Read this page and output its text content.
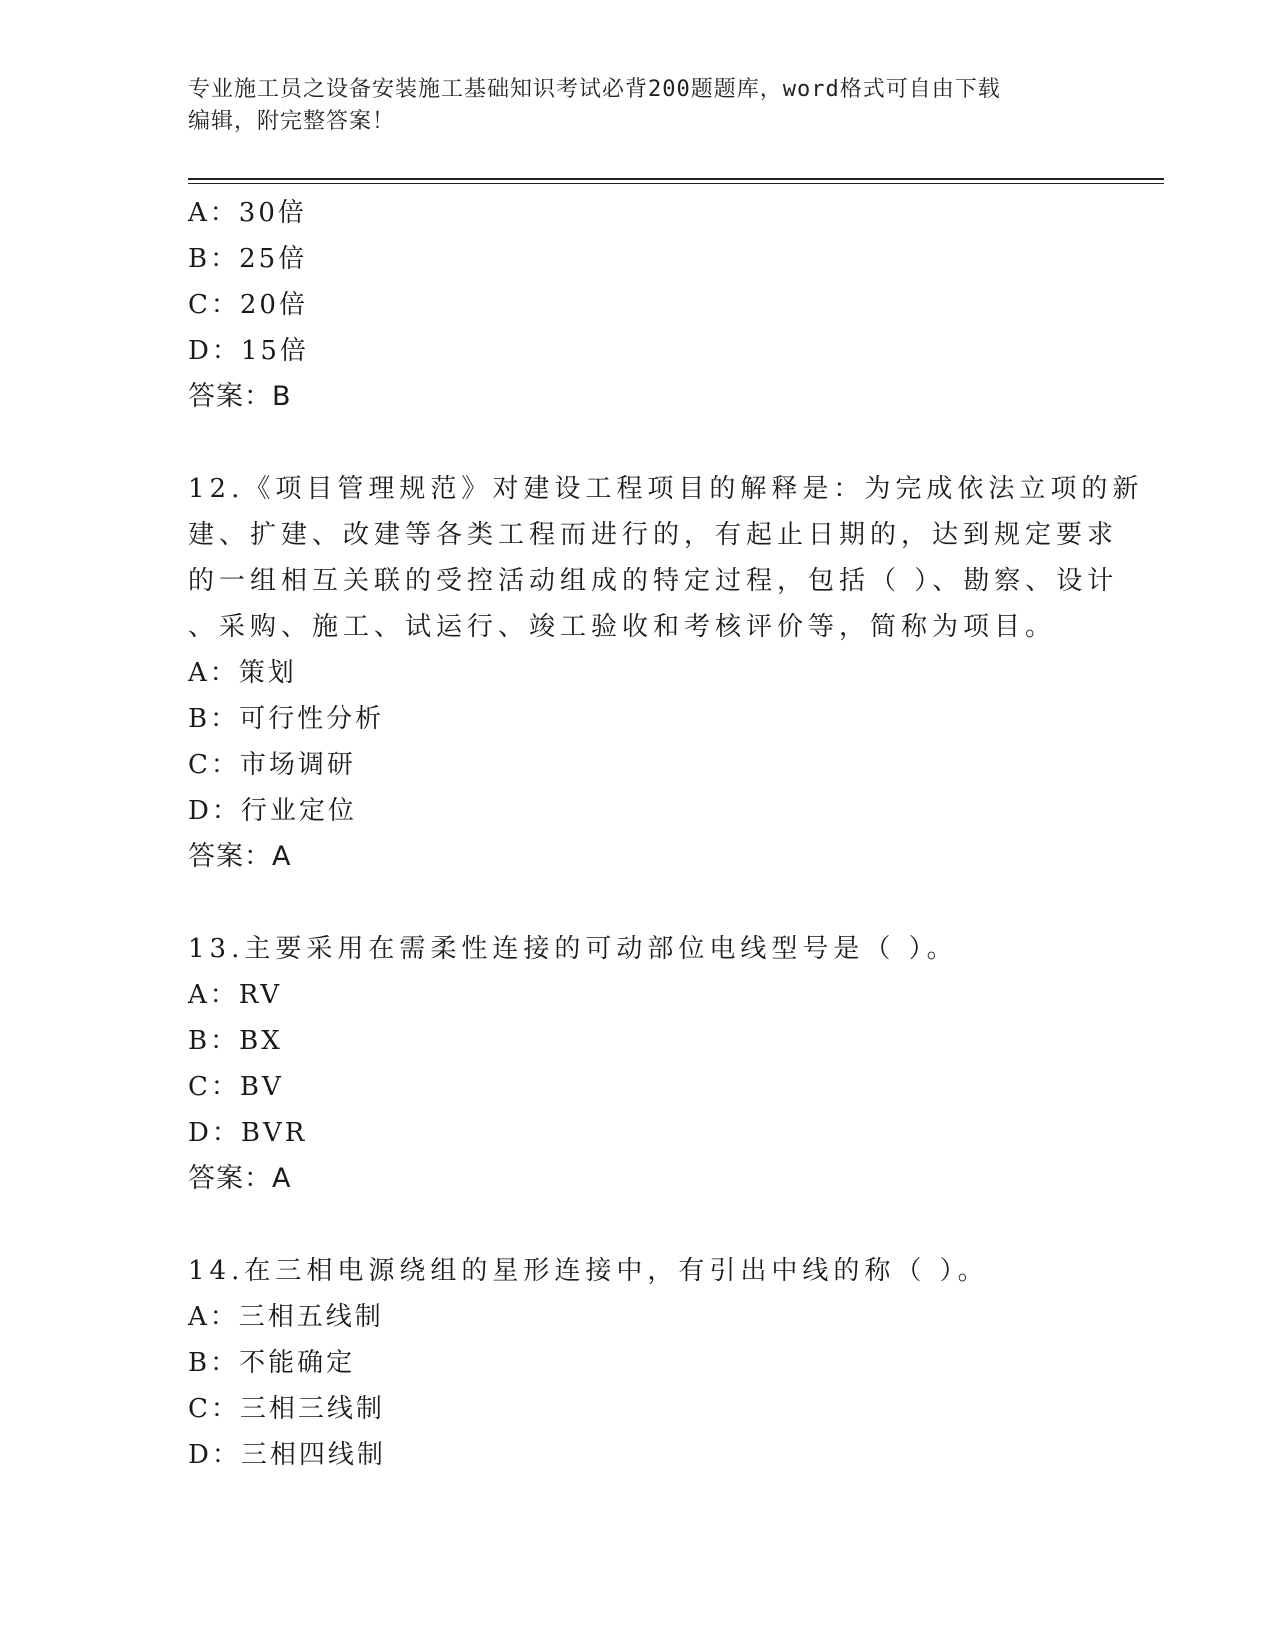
专业施工员之设备安装施工基础知识考试必背200题题库，word格式可自由下载
编辑，附完整答案！
A：30倍
B：25倍
C：20倍
D：15倍
答案：B
12.《项目管理规范》对建设工程项目的解释是：为完成依法立项的新
建、扩建、改建等各类工程而进行的，有起止日期的，达到规定要求
的一组相互关联的受控活动组成的特定过程，包括（ ）、勘察、设计
、采购、施工、试运行、竣工验收和考核评价等，简称为项目。
A：策划
B：可行性分析
C：市场调研
D：行业定位
答案：A
13.主要采用在需柔性连接的可动部位电线型号是（ ）。
A：RV
B：BX
C：BV
D：BVR
答案：A
14.在三相电源绕组的星形连接中，有引出中线的称（ ）。
A：三相五线制
B：不能确定
C：三相三线制
D：三相四线制
